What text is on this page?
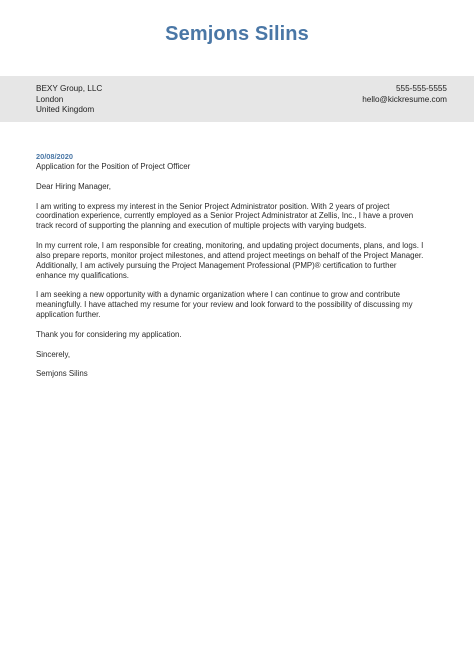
Semjons Silins
BEXY Group, LLC
London
United Kingdom
555-555-5555
hello@kickresume.com
20/08/2020
Application for the Position of Project Officer
Dear Hiring Manager,

I am writing to express my interest in the Senior Project Administrator position. With 2 years of project
coordination experience, currently employed as a Senior Project Administrator at Zellis, Inc., I have a proven
track record of supporting the planning and execution of multiple projects with varying budgets.

In my current role, I am responsible for creating, monitoring, and updating project documents, plans, and logs. I
also prepare reports, monitor project milestones, and attend project meetings on behalf of the Project Manager.
Additionally, I am actively pursuing the Project Management Professional (PMP)® certification to further
enhance my qualifications.

I am seeking a new opportunity with a dynamic organization where I can continue to grow and contribute
meaningfully. I have attached my resume for your review and look forward to the possibility of discussing my
application further.

Thank you for considering my application.
Sincerely,
Semjons Silins
